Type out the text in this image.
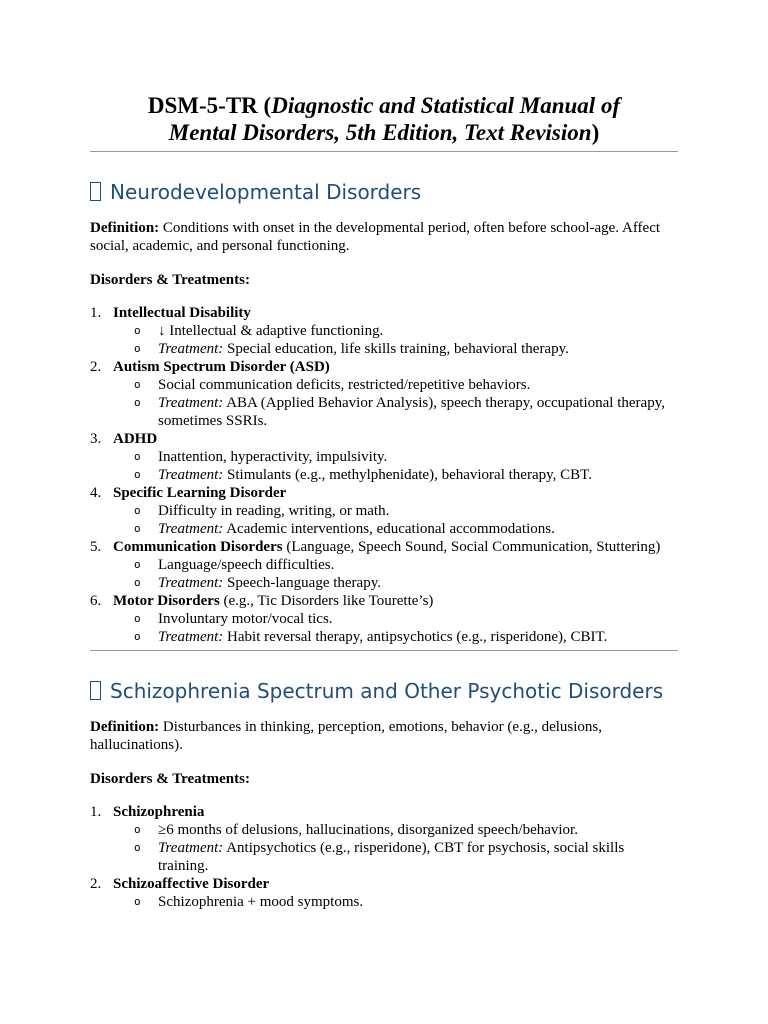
DSM-5-TR (Diagnostic and Statistical Manual of Mental Disorders, 5th Edition, Text Revision)
Neurodevelopmental Disorders

Definition: Conditions with onset in the developmental period, often before school-age. Affect social, academic, and personal functioning.

Disorders & Treatments:

1. Intellectual Disability
o ↓ Intellectual & adaptive functioning.
o Treatment: Special education, life skills training, behavioral therapy.
2. Autism Spectrum Disorder (ASD)
o Social communication deficits, restricted/repetitive behaviors.
o Treatment: ABA (Applied Behavior Analysis), speech therapy, occupational therapy, sometimes SSRIs.
3. ADHD
o Inattention, hyperactivity, impulsivity.
o Treatment: Stimulants (e.g., methylphenidate), behavioral therapy, CBT.
4. Specific Learning Disorder
o Difficulty in reading, writing, or math.
o Treatment: Academic interventions, educational accommodations.
5. Communication Disorders (Language, Speech Sound, Social Communication, Stuttering)
o Language/speech difficulties.
o Treatment: Speech-language therapy.
6. Motor Disorders (e.g., Tic Disorders like Tourette’s)
o Involuntary motor/vocal tics.
o Treatment: Habit reversal therapy, antipsychotics (e.g., risperidone), CBIT.
Schizophrenia Spectrum and Other Psychotic Disorders

Definition: Disturbances in thinking, perception, emotions, behavior (e.g., delusions, hallucinations).

Disorders & Treatments:

1. Schizophrenia
o ≥6 months of delusions, hallucinations, disorganized speech/behavior.
o Treatment: Antipsychotics (e.g., risperidone), CBT for psychosis, social skills training.
2. Schizoaffective Disorder
o Schizophrenia + mood symptoms.
